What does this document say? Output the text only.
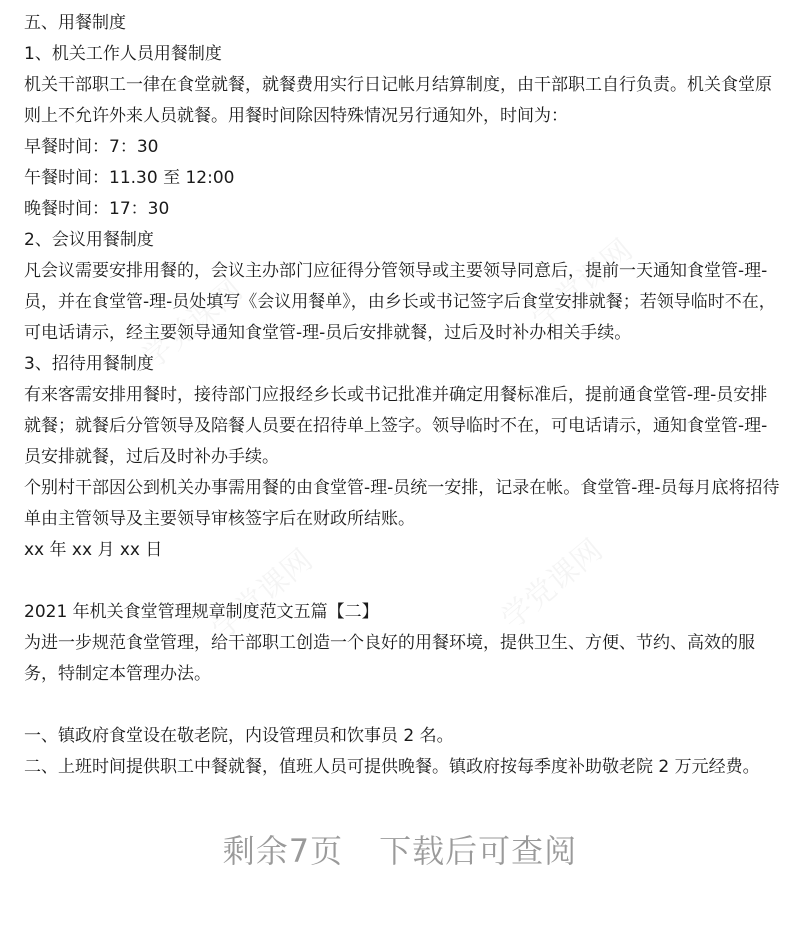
五、用餐制度

1、机关工作人员用餐制度

机关干部职工一律在食堂就餐，就餐费用实行日记帐月结算制度，由干部职工自行负责。机关食堂原则上不允许外来人员就餐。用餐时间除因特殊情况另行通知外，时间为：

早餐时间：7：30

午餐时间：11.30 至 12:00

晚餐时间：17：30

2、会议用餐制度

凡会议需要安排用餐的，会议主办部门应征得分管领导或主要领导同意后，提前一天通知食堂管-理-员，并在食堂管-理-员处填写《会议用餐单》，由乡长或书记签字后食堂安排就餐；若领导临时不在，可电话请示，经主要领导通知食堂管-理-员后安排就餐，过后及时补办相关手续。

3、招待用餐制度

有来客需安排用餐时，接待部门应报经乡长或书记批准并确定用餐标准后，提前通食堂管-理-员安排就餐；就餐后分管领导及陪餐人员要在招待单上签字。领导临时不在，可电话请示，通知食堂管-理-员安排就餐，过后及时补办手续。

个别村干部因公到机关办事需用餐的由食堂管-理-员统一安排，记录在帐。食堂管-理-员每月底将招待单由主管领导及主要领导审核签字后在财政所结账。

xx 年 xx 月 xx 日

2021 年机关食堂管理规章制度范文五篇【二】

为进一步规范食堂管理，给干部职工创造一个良好的用餐环境，提供卫生、方便、节约、高效的服务，特制定本管理办法。

一、镇政府食堂设在敬老院，内设管理员和饮事员 2 名。

二、上班时间提供职工中餐就餐，值班人员可提供晚餐。镇政府按每季度补助敬老院 2 万元经费。

剩余7页 下载后可查阅
